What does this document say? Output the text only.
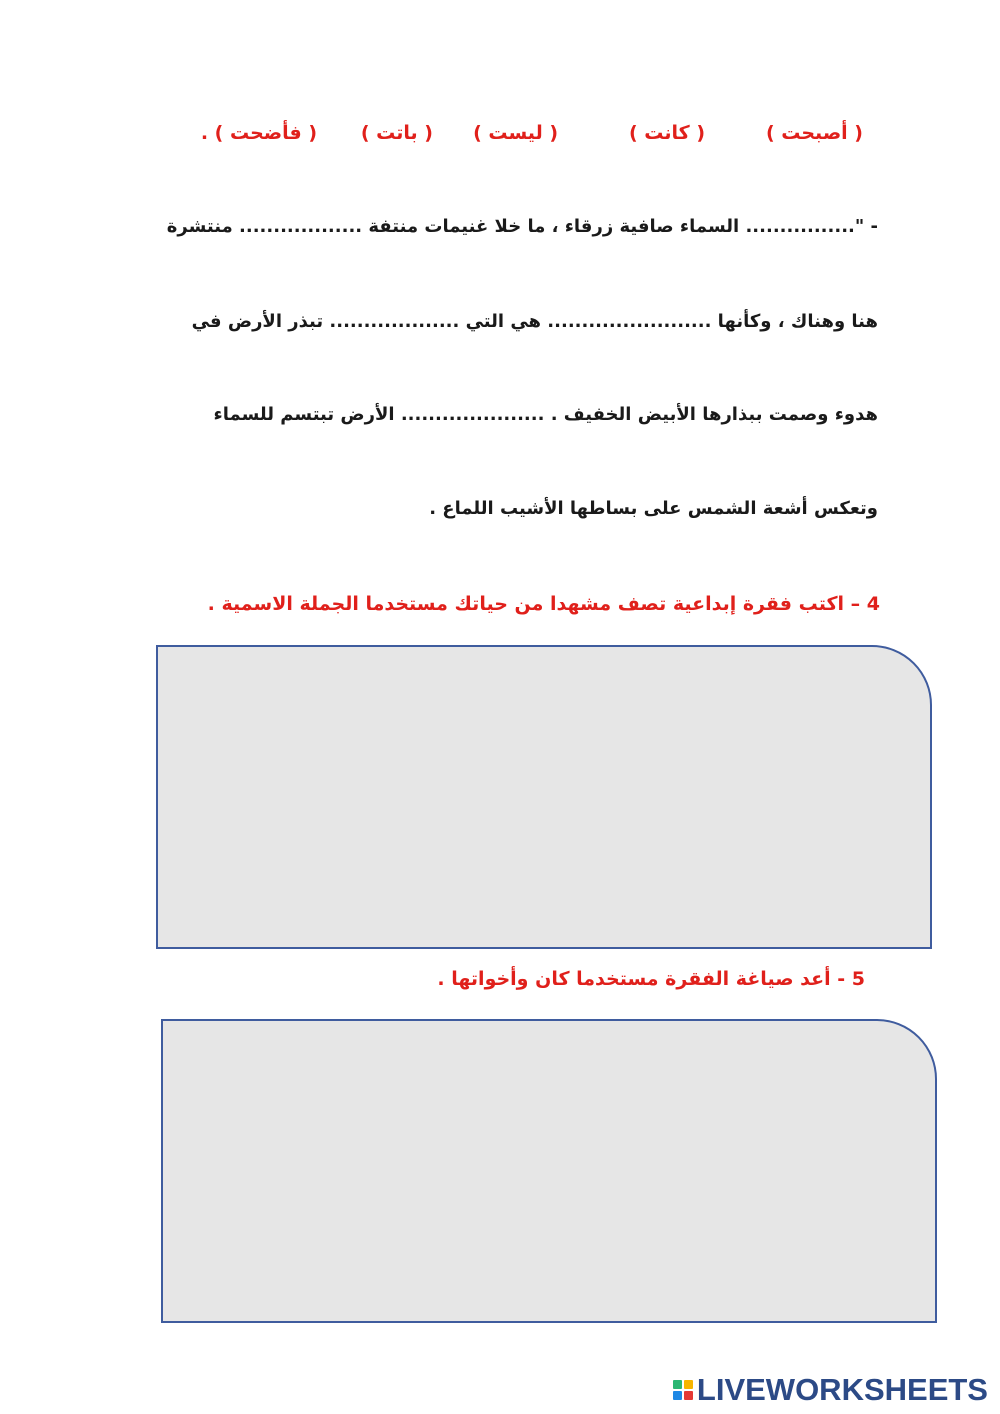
( أصبحت )
( كانت )
( ليست )
( باتت )
( فأضحت ) .
- "................ السماء صافية زرقاء ، ما خلا غنيمات منتفة .................. منتشرة
هنا وهناك ، وكأنها ........................ هي التي ................... تبذر الأرض في
هدوء وصمت ببذارها الأبيض الخفيف . ..................... الأرض تبتسم للسماء
وتعكس أشعة الشمس على بساطها الأشيب اللماع .
4 – اكتب فقرة إبداعية تصف مشهدا من حياتك مستخدما الجملة الاسمية .
5 - أعد صياغة الفقرة مستخدما كان وأخواتها .
LIVEWORKSHEETS
